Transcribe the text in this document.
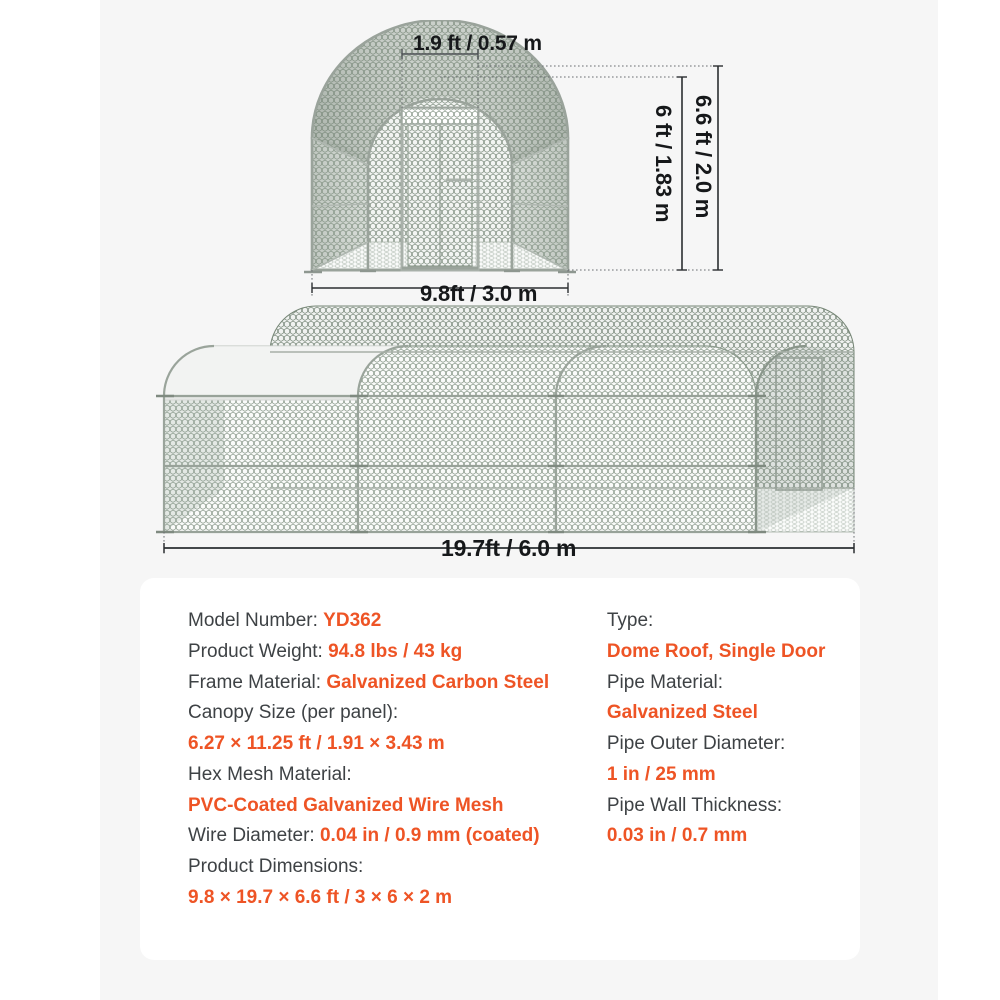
1.9 ft / 0.57 m
6 ft / 1.83 m 6.6 ft / 2.0 m
9.8ft / 3.0 m
19.7ft / 6.0 m
Model Number: YD362
Product Weight: 94.8 lbs / 43 kg
Frame Material: Galvanized Carbon Steel
Canopy Size (per panel):
6.27 × 11.25 ft / 1.91 × 3.43 m
Hex Mesh Material:
PVC-Coated Galvanized Wire Mesh
Wire Diameter: 0.04 in / 0.9 mm (coated)
Product Dimensions:
9.8 × 19.7 × 6.6 ft / 3 × 6 × 2 m
Type:
Dome Roof, Single Door
Pipe Material:
Galvanized Steel
Pipe Outer Diameter:
1 in / 25 mm
Pipe Wall Thickness:
0.03 in / 0.7 mm
